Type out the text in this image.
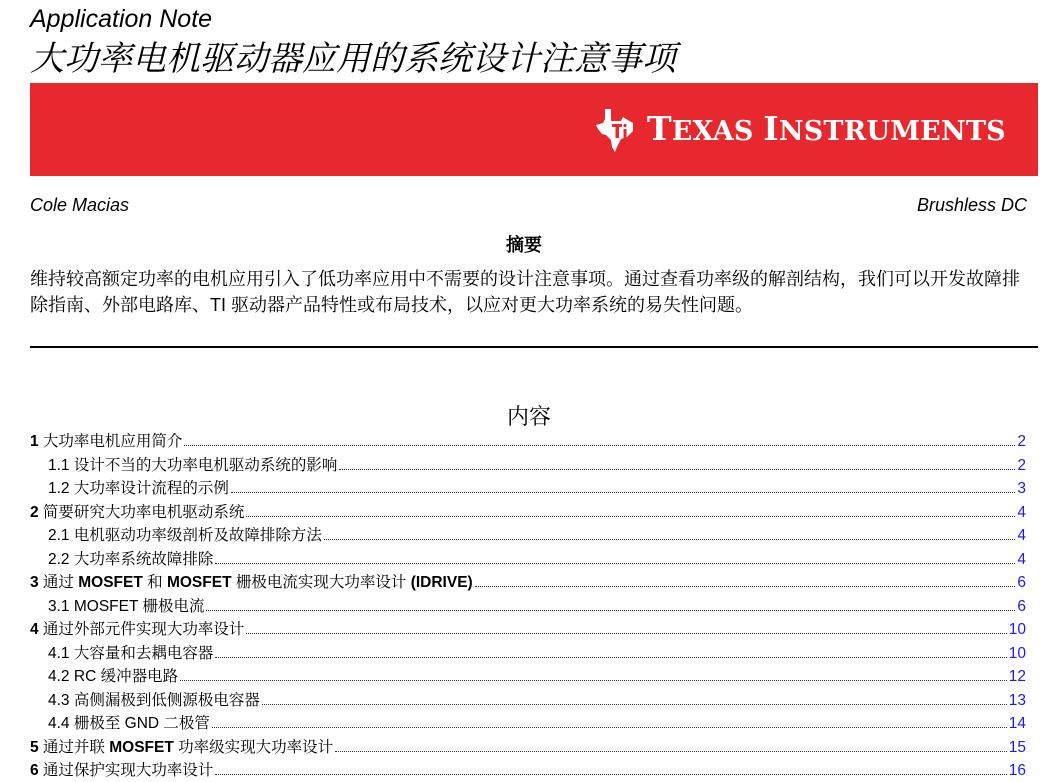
Application Note
大功率电机驱动器应用的系统设计注意事项
TEXAS INSTRUMENTS
Cole Macias	Brushless DC
摘要
维持较高额定功率的电机应用引入了低功率应用中不需要的设计注意事项。通过查看功率级的解剖结构，我们可以开发故障排除指南、外部电路库、TI 驱动器产品特性或布局技术，以应对更大功率系统的易失性问题。
内容
1 大功率电机应用简介	2
1.1 设计不当的大功率电机驱动系统的影响	2
1.2 大功率设计流程的示例	3
2 简要研究大功率电机驱动系统	4
2.1 电机驱动功率级剖析及故障排除方法	4
2.2 大功率系统故障排除	4
3 通过 MOSFET 和 MOSFET 栅极电流实现大功率设计 (IDRIVE)	6
3.1 MOSFET 栅极电流	6
4 通过外部元件实现大功率设计	10
4.1 大容量和去耦电容器	10
4.2 RC 缓冲器电路	12
4.3 高侧漏极到低侧源极电容器	13
4.4 栅极至 GND 二极管	14
5 通过并联 MOSFET 功率级实现大功率设计	15
6 通过保护实现大功率设计	16
